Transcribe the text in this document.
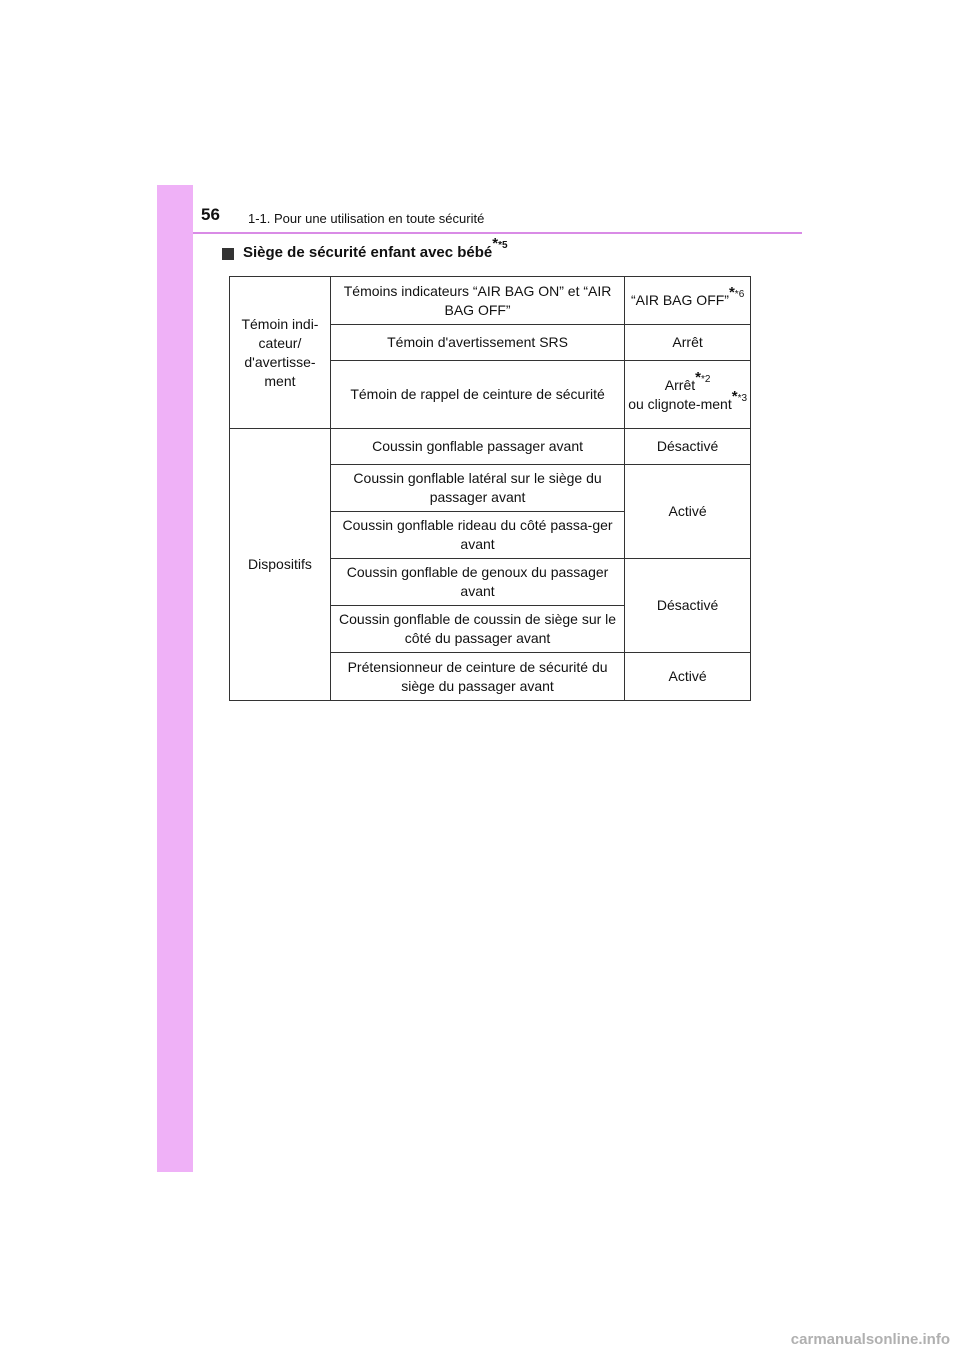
56 1-1. Pour une utilisation en toute sécurité
Siège de sécurité enfant avec bébé
$^{**5}$
Témoin indi-cateur/ d'avertisse-ment	Témoins indicateurs “AIR BAG ON” et “AIR BAG OFF”	“AIR BAG OFF”$^{**6}$
	Témoin d'avertissement SRS	Arrêt
	Témoin de rappel de ceinture de sécurité	Arrêt$^{**2}$
ou clignote-ment$^{**3}$
Dispositifs	Coussin gonflable passager avant	Désactivé
	Coussin gonflable latéral sur le siège du passager avant	Activé
	Coussin gonflable rideau du côté passa-ger avant	
	Coussin gonflable de genoux du passager avant	Désactivé
	Coussin gonflable de coussin de siège sur le côté du passager avant	
	Prétensionneur de ceinture de sécurité du siège du passager avant	Activé
carmanualsonline.info
